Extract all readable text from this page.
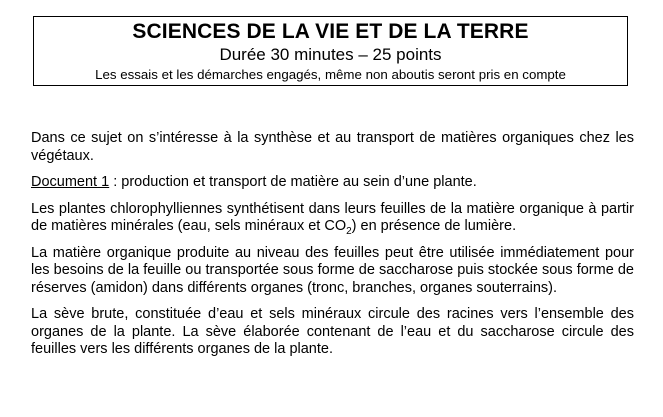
SCIENCES DE LA VIE ET DE LA TERRE
Durée 30 minutes – 25 points
Les essais et les démarches engagés, même non aboutis seront pris en compte

Dans ce sujet on s’intéresse à la synthèse et au transport de matières organiques chez les végétaux.

Document 1 : production et transport de matière au sein d’une plante.

Les plantes chlorophylliennes synthétisent dans leurs feuilles de la matière organique à partir de matières minérales (eau, sels minéraux et $CO_2$) en présence de lumière.

La matière organique produite au niveau des feuilles peut être utilisée immédiatement pour les besoins de la feuille ou transportée sous forme de saccharose puis stockée sous forme de réserves (amidon) dans différents organes (tronc, branches, organes souterrains).

La sève brute, constituée d’eau et sels minéraux circule des racines vers l’ensemble des organes de la plante. La sève élaborée contenant de l’eau et du saccharose circule des feuilles vers les différents organes de la plante.
